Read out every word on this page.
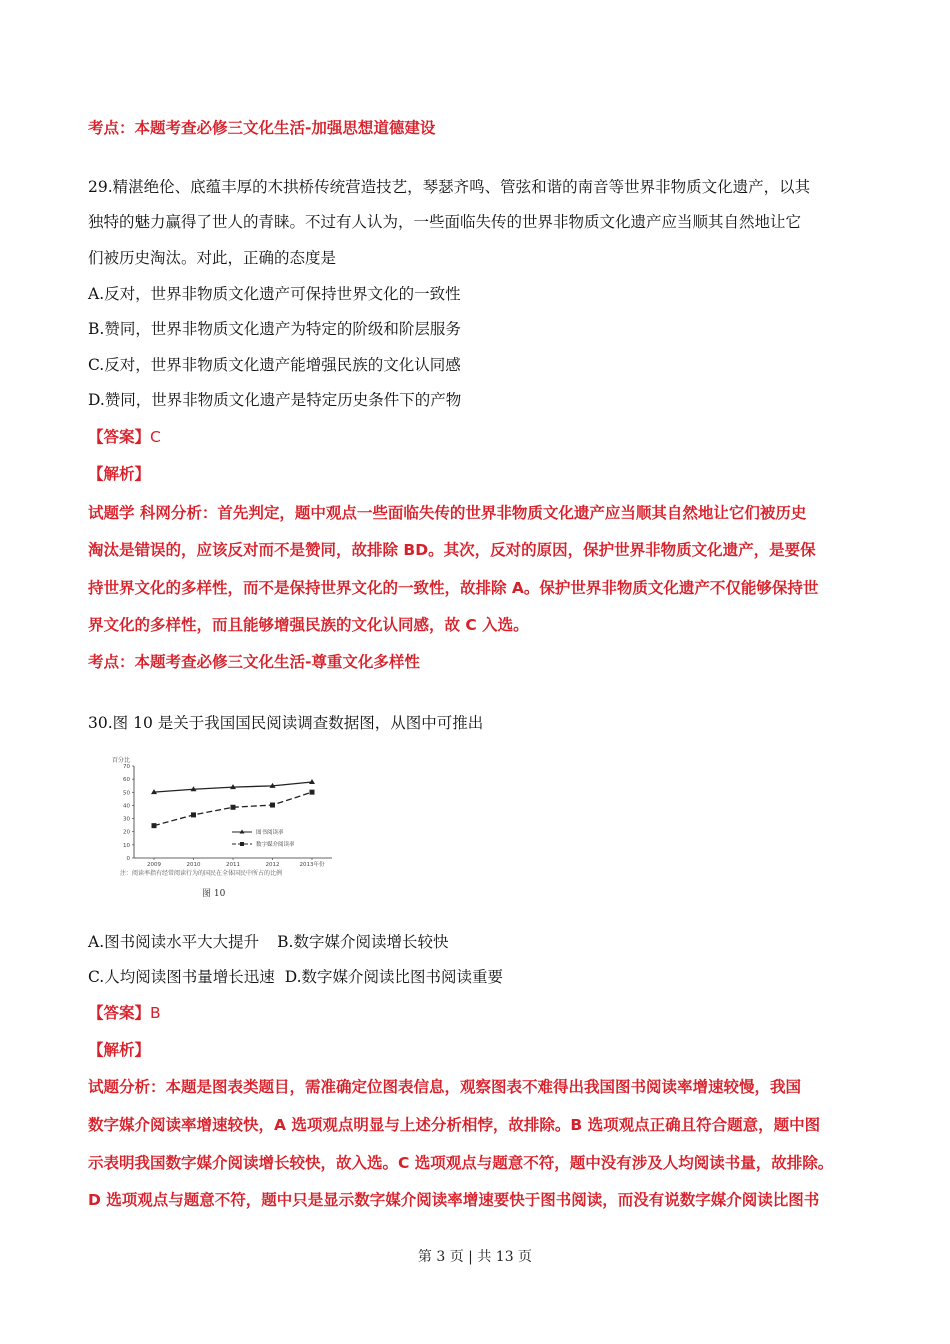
考点：本题考查必修三文化生活-加强思想道德建设
29.精湛绝伦、底蕴丰厚的木拱桥传统营造技艺，琴瑟齐鸣、管弦和谐的南音等世界非物质文化遗产，以其
独特的魅力赢得了世人的青睐。不过有人认为，一些面临失传的世界非物质文化遗产应当顺其自然地让它
们被历史淘汰。对此，正确的态度是
A.反对，世界非物质文化遗产可保持世界文化的一致性
B.赞同，世界非物质文化遗产为特定的阶级和阶层服务
C.反对，世界非物质文化遗产能增强民族的文化认同感
D.赞同，世界非物质文化遗产是特定历史条件下的产物
【答案】C
【解析】
试题学 科网分析：首先判定，题中观点一些面临失传的世界非物质文化遗产应当顺其自然地让它们被历史
淘汰是错误的，应该反对而不是赞同，故排除 BD。其次，反对的原因，保护世界非物质文化遗产，是要保
持世界文化的多样性，而不是保持世界文化的一致性，故排除 A。保护世界非物质文化遗产不仅能够保持世
界文化的多样性，而且能够增强民族的文化认同感，故 C 入选。
考点：本题考查必修三文化生活-尊重文化多样性
30.图 10 是关于我国国民阅读调查数据图，从图中可推出
百分比
0
10
20
30
40
50
60
70
2009	2010	2011	2012	2013年份
图书阅读率
数字媒介阅读率
注：阅读率指有经常阅读行为的国民在全体国民中所占的比例
图 10
A.图书阅读水平大大提升 B.数字媒介阅读增长较快
C.人均阅读图书量增长迅速 D.数字媒介阅读比图书阅读重要
【答案】B
【解析】
试题分析：本题是图表类题目，需准确定位图表信息，观察图表不难得出我国图书阅读率增速较慢，我国
数字媒介阅读率增速较快，A 选项观点明显与上述分析相悖，故排除。B 选项观点正确且符合题意，题中图
示表明我国数字媒介阅读增长较快，故入选。C 选项观点与题意不符，题中没有涉及人均阅读书量，故排除。
D 选项观点与题意不符，题中只是显示数字媒介阅读率增速要快于图书阅读，而没有说数字媒介阅读比图书
第 3 页 | 共 13 页
